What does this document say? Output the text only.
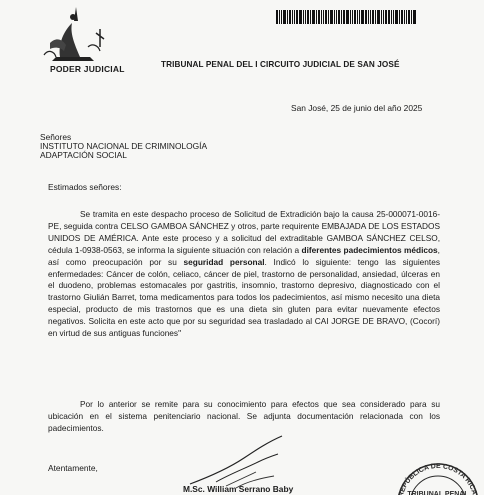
PODER JUDICIAL	TRIBUNAL PENAL DEL I CIRCUITO JUDICIAL DE SAN JOSÉ
San José, 25 de junio del año 2025
Señores
INSTITUTO NACIONAL DE CRIMINOLOGÍA
ADAPTACIÓN SOCIAL
Estimados señores:

Se tramita en este despacho proceso de Solicitud de Extradición bajo la causa 25-000071-0016-PE, seguida contra CELSO GAMBOA SÁNCHEZ y otros, parte requirente EMBAJADA DE LOS ESTADOS UNIDOS DE AMÉRICA. Ante este proceso y a solicitud del extraditable GAMBOA SÁNCHEZ CELSO, cédula 1-0938-0563, se informa la siguiente situación con relación a diferentes padecimientos médicos, así como preocupación por su seguridad personal. Indicó lo siguiente: tengo las siguientes enfermedades: Cáncer de colón, celiaco, cáncer de piel, trastorno de personalidad, ansiedad, úlceras en el duodeno, problemas estomacales por gastritis, insomnio, trastorno depresivo, diagnosticado con el trastorno Giulián Barret, toma medicamentos para todos los padecimientos, así mismo necesito una dieta especial, producto de mis trastornos que es una dieta sin gluten para evitar nuevamente efectos negativos. Solicita en este acto que por su seguridad sea trasladado al CAI JORGE DE BRAVO, (Cocorí) en virtud de sus antiguas funciones"

Por lo anterior se remite para su conocimiento para efectos que sea considerado para su ubicación en el sistema penitenciario nacional. Se adjunta documentación relacionada con los padecimientos.

Atentamente,
M.Sc. William Serrano Baby
REPÚBLICA DE COSTA RICA
TRIBUNAL PENAL
